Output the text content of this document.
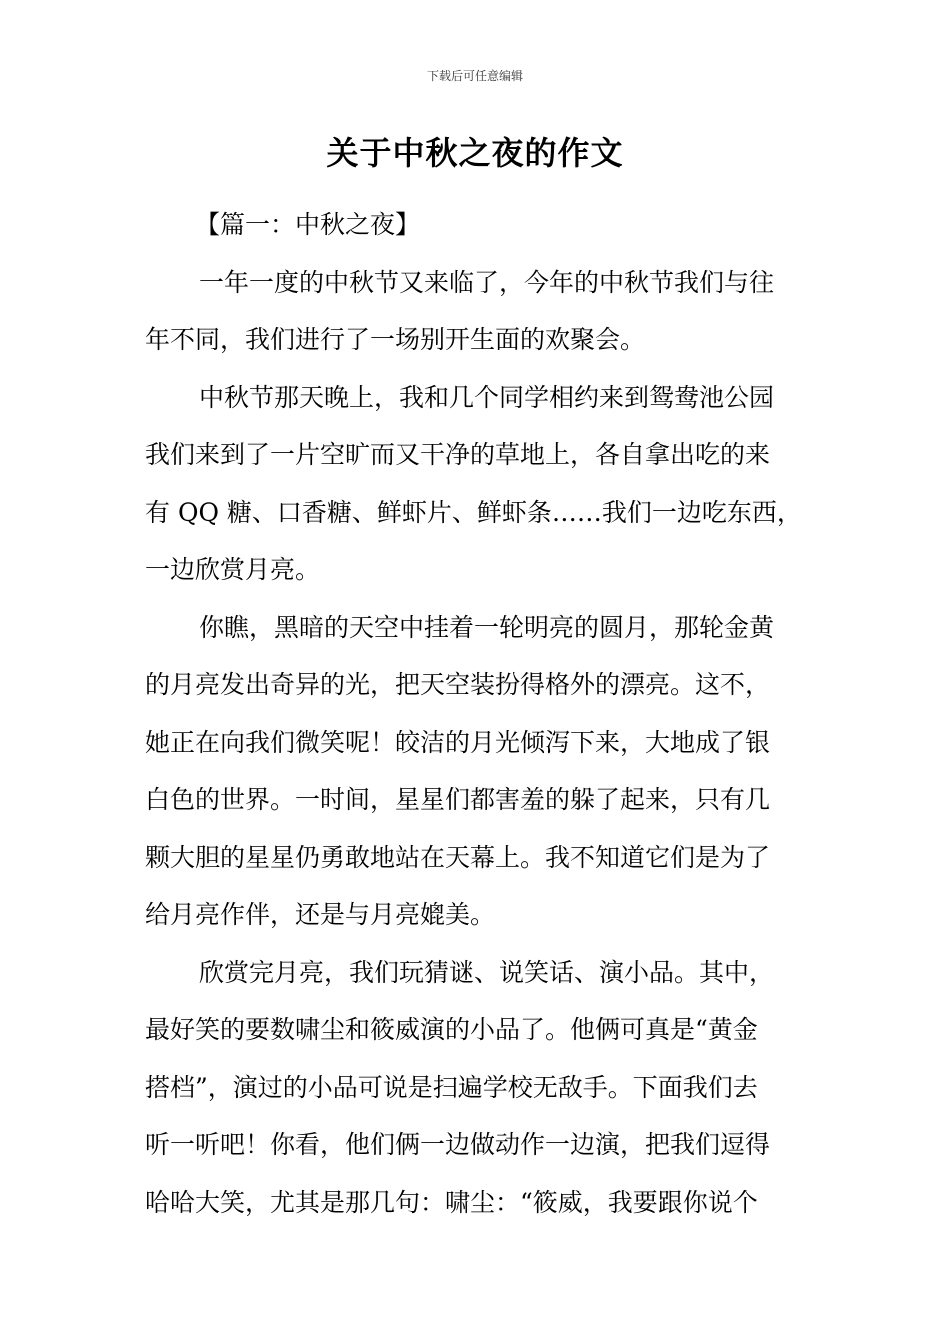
下载后可任意编辑
关于中秋之夜的作文

【篇一：中秋之夜】

一年一度的中秋节又来临了，今年的中秋节我们与往
年不同，我们进行了一场别开生面的欢聚会。

中秋节那天晚上，我和几个同学相约来到鸳鸯池公园
我们来到了一片空旷而又干净的草地上，各自拿出吃的来
有 QQ 糖、口香糖、鲜虾片、鲜虾条……我们一边吃东西，
一边欣赏月亮。

你瞧，黑暗的天空中挂着一轮明亮的圆月，那轮金黄
的月亮发出奇异的光，把天空装扮得格外的漂亮。这不，
她正在向我们微笑呢！皎洁的月光倾泻下来，大地成了银
白色的世界。一时间，星星们都害羞的躲了起来，只有几
颗大胆的星星仍勇敢地站在天幕上。我不知道它们是为了
给月亮作伴，还是与月亮媲美。

欣赏完月亮，我们玩猜谜、说笑话、演小品。其中，
最好笑的要数啸尘和筱威演的小品了。他俩可真是“黄金
搭档”，演过的小品可说是扫遍学校无敌手。下面我们去
听一听吧！你看，他们俩一边做动作一边演，把我们逗得
哈哈大笑，尤其是那几句：啸尘：“筱威，我要跟你说个
